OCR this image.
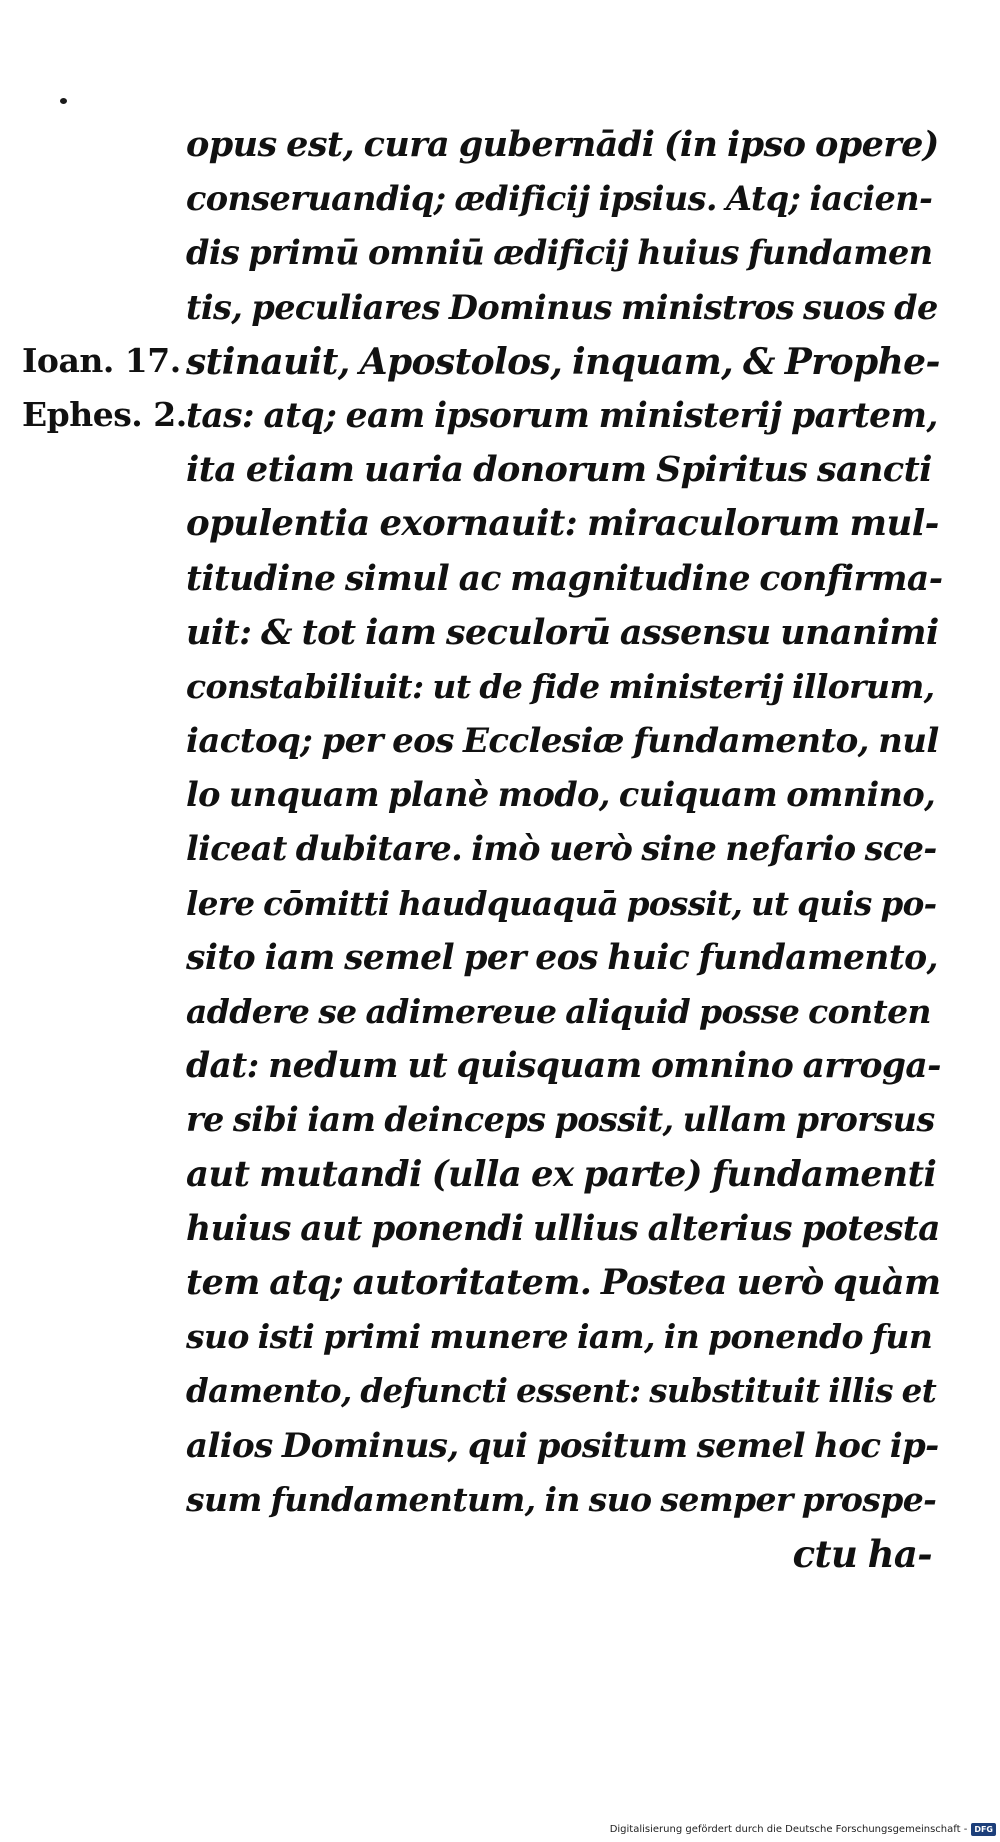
Ioan. 17.
Ephes. 2.
opus est, cura gubernādi (in ipso opere)
conseruandiq; ædificij ipsius. Atq; iacien-
dis primū omniū ædificij huius fundamen
tis, peculiares Dominus ministros suos de
stinauit, Apostolos, inquam, & Prophe-
tas: atq; eam ipsorum ministerij partem,
ita etiam uaria donorum Spiritus sancti
opulentia exornauit: miraculorum mul-
titudine simul ac magnitudine confirma-
uit: & tot iam seculorū assensu unanimi
constabiliuit: ut de fide ministerij illorum,
iactoq; per eos Ecclesiæ fundamento, nul
lo unquam planè modo, cuiquam omnino,
liceat dubitare. imò uerò sine nefario sce-
lere cōmitti haudquaquā possit, ut quis po-
sito iam semel per eos huic fundamento,
addere se adimereue aliquid posse conten
dat: nedum ut quisquam omnino arroga-
re sibi iam deinceps possit, ullam prorsus
aut mutandi (ulla ex parte) fundamenti
huius aut ponendi ullius alterius potesta
tem atq; autoritatem. Postea uerò quàm
suo isti primi munere iam, in ponendo fun
damento, defuncti essent: substituit illis et
alios Dominus, qui positum semel hoc ip-
sum fundamentum, in suo semper prospe-
ctu ha-
Digitalisierung gefördert durch die Deutsche Forschungsgemeinschaft - DFG
